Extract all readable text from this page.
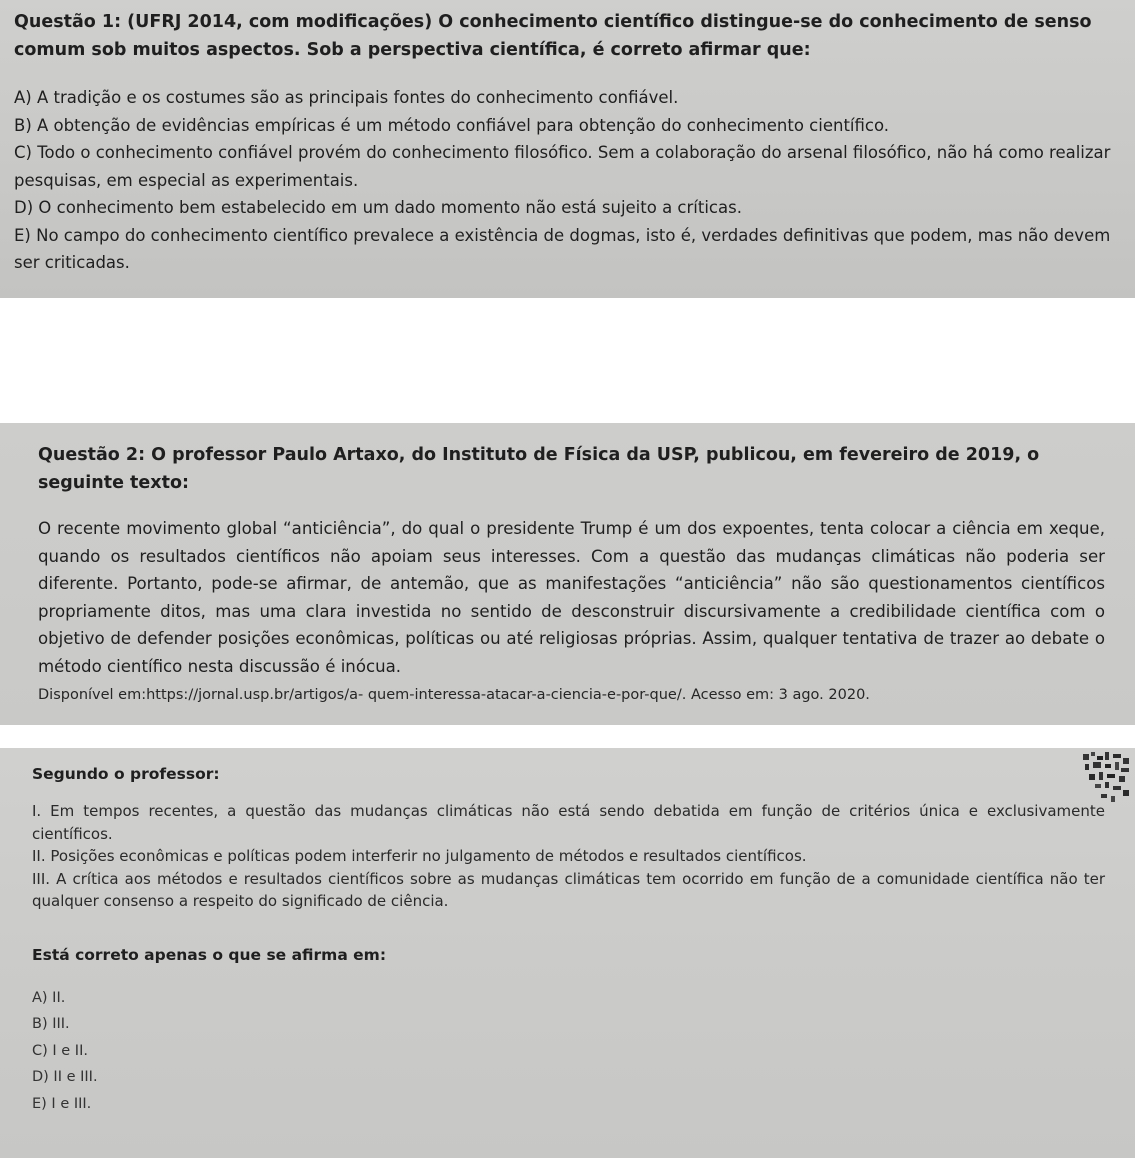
Questão 1: (UFRJ 2014, com modificações) O conhecimento científico distingue-se do conhecimento de senso comum sob muitos aspectos. Sob a perspectiva científica, é correto afirmar que:

A) A tradição e os costumes são as principais fontes do conhecimento confiável.

B) A obtenção de evidências empíricas é um método confiável para obtenção do conhecimento científico.

C) Todo o conhecimento confiável provém do conhecimento filosófico. Sem a colaboração do arsenal filosófico, não há como realizar pesquisas, em especial as experimentais.

D) O conhecimento bem estabelecido em um dado momento não está sujeito a críticas.

E) No campo do conhecimento científico prevalece a existência de dogmas, isto é, verdades definitivas que podem, mas não devem ser criticadas.

Questão 2: O professor Paulo Artaxo, do Instituto de Física da USP, publicou, em fevereiro de 2019, o seguinte texto:

O recente movimento global “anticiência”, do qual o presidente Trump é um dos expoentes, tenta colocar a ciência em xeque, quando os resultados científicos não apoiam seus interesses. Com a questão das mudanças climáticas não poderia ser diferente. Portanto, pode-se afirmar, de antemão, que as manifestações “anticiência” não são questionamentos científicos propriamente ditos, mas uma clara investida no sentido de desconstruir discursivamente a credibilidade científica com o objetivo de defender posições econômicas, políticas ou até religiosas próprias. Assim, qualquer tentativa de trazer ao debate o método científico nesta discussão é inócua.
Disponível em:https://jornal.usp.br/artigos/a- quem-interessa-atacar-a-ciencia-e-por-que/. Acesso em: 3 ago. 2020.

Segundo o professor:

I. Em tempos recentes, a questão das mudanças climáticas não está sendo debatida em função de critérios única e exclusivamente científicos.

II. Posições econômicas e políticas podem interferir no julgamento de métodos e resultados científicos.

III. A crítica aos métodos e resultados científicos sobre as mudanças climáticas tem ocorrido em função de a comunidade científica não ter qualquer consenso a respeito do significado de ciência.

Está correto apenas o que se afirma em:

A) II.

B) III.

C) I e II.

D) II e III.

E) I e III.
